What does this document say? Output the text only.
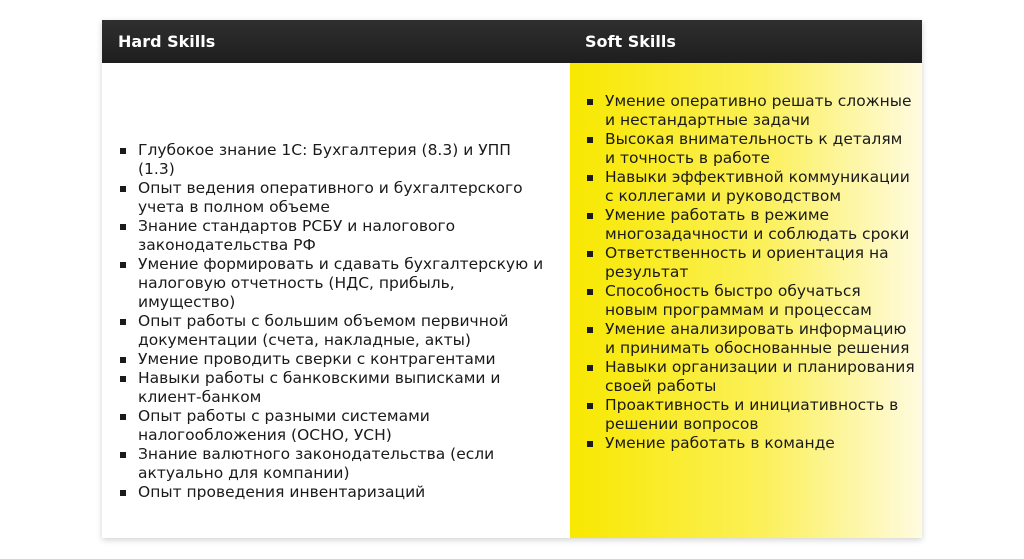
Hard Skills	Soft Skills
Глубокое знание 1С: Бухгалтерия (8.3) и УПП (1.3)
Опыт ведения оперативного и бухгалтерского учета в полном объеме
Знание стандартов РСБУ и налогового законодательства РФ
Умение формировать и сдавать бухгалтерскую и налоговую отчетность (НДС, прибыль, имущество)
Опыт работы с большим объемом первичной документации (счета, накладные, акты)
Умение проводить сверки с контрагентами
Навыки работы с банковскими выписками и клиент-банком
Опыт работы с разными системами налогообложения (ОСНО, УСН)
Знание валютного законодательства (если актуально для компании)
Опыт проведения инвентаризаций
Умение оперативно решать сложные и нестандартные задачи
Высокая внимательность к деталям и точность в работе
Навыки эффективной коммуникации с коллегами и руководством
Умение работать в режиме многозадачности и соблюдать сроки
Ответственность и ориентация на результат
Способность быстро обучаться новым программам и процессам
Умение анализировать информацию и принимать обоснованные решения
Навыки организации и планирования своей работы
Проактивность и инициативность в решении вопросов
Умение работать в команде
